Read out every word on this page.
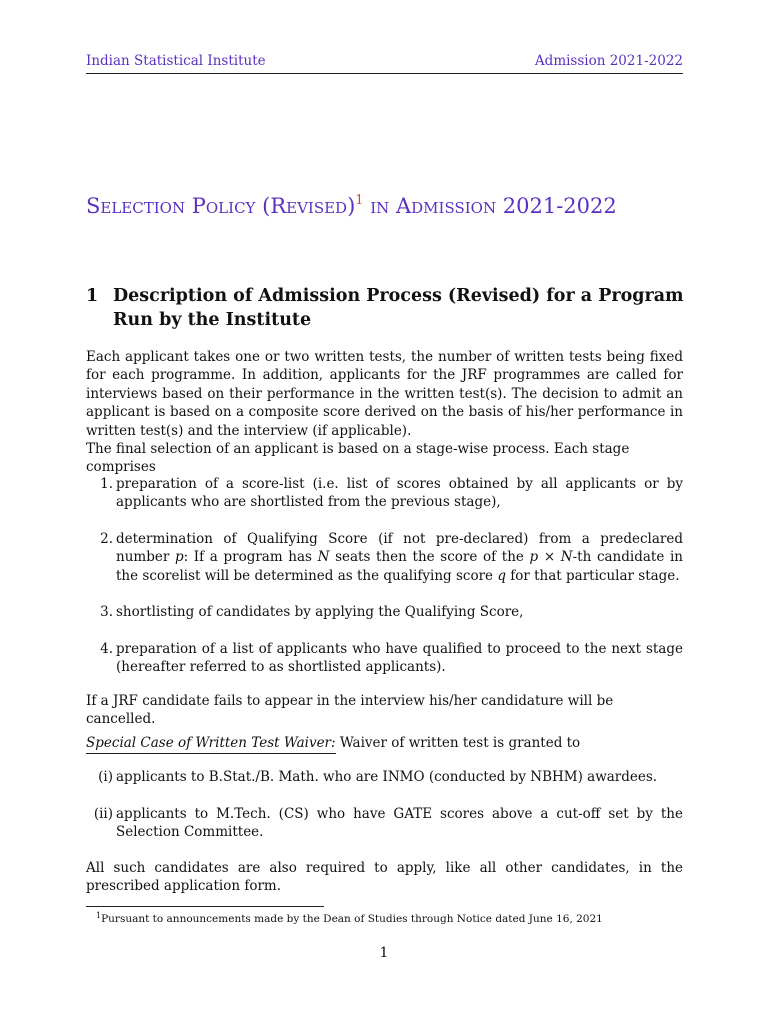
Indian Statistical Institute	Admission 2021-2022
Selection Policy (Revised)$^1$ in Admission 2021-2022
1 Description of Admission Process (Revised) for a Program Run by the Institute
Each applicant takes one or two written tests, the number of written tests being fixed for each programme. In addition, applicants for the JRF programmes are called for interviews based on their performance in the written test(s). The decision to admit an applicant is based on a composite score derived on the basis of his/her performance in written test(s) and the interview (if applicable).
The final selection of an applicant is based on a stage-wise process. Each stage comprises
1. preparation of a score-list (i.e. list of scores obtained by all applicants or by applicants who are shortlisted from the previous stage),
2. determination of Qualifying Score (if not pre-declared) from a predeclared number p: If a program has N seats then the score of the p × N-th candidate in the scorelist will be determined as the qualifying score q for that particular stage.
3. shortlisting of candidates by applying the Qualifying Score,
4. preparation of a list of applicants who have qualified to proceed to the next stage (hereafter referred to as shortlisted applicants).
If a JRF candidate fails to appear in the interview his/her candidature will be cancelled.
Special Case of Written Test Waiver: Waiver of written test is granted to
(i) applicants to B.Stat./B. Math. who are INMO (conducted by NBHM) awardees.
(ii) applicants to M.Tech. (CS) who have GATE scores above a cut-off set by the Selection Committee.
All such candidates are also required to apply, like all other candidates, in the prescribed application form.
$^1$Pursuant to announcements made by the Dean of Studies through Notice dated June 16, 2021
1
